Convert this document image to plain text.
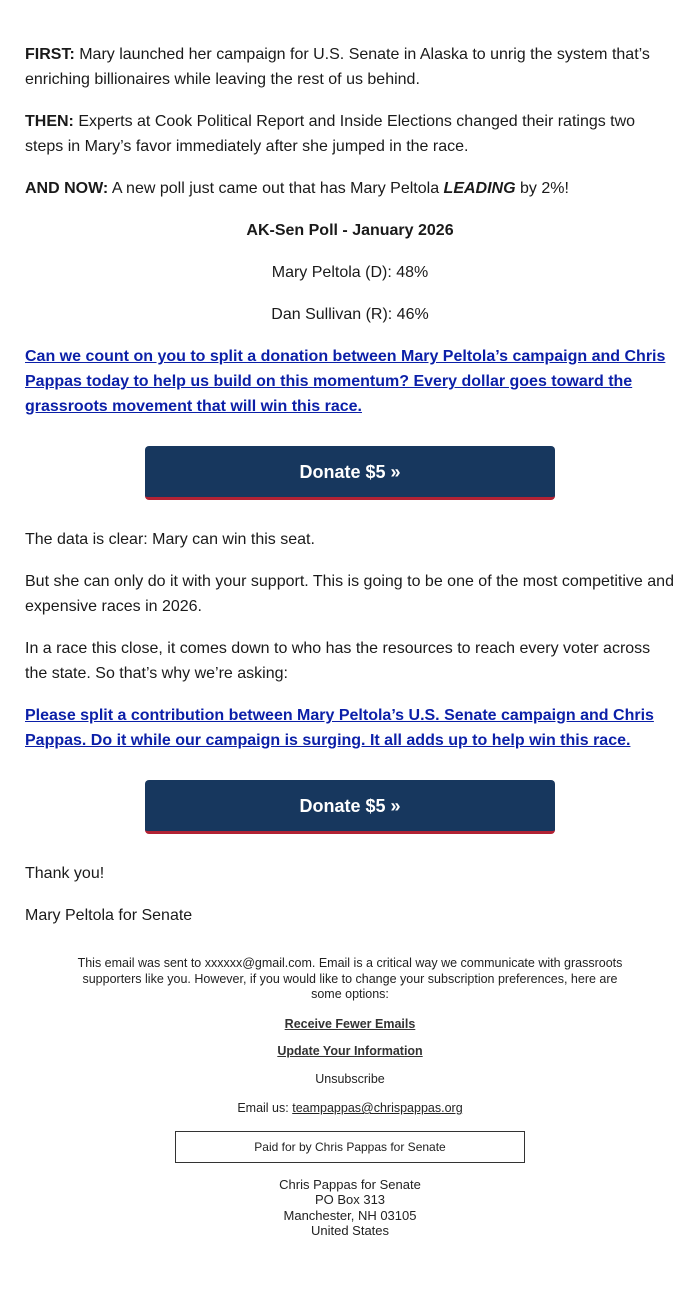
FIRST: Mary launched her campaign for U.S. Senate in Alaska to unrig the system that’s enriching billionaires while leaving the rest of us behind.

THEN: Experts at Cook Political Report and Inside Elections changed their ratings two steps in Mary’s favor immediately after she jumped in the race.

AND NOW: A new poll just came out that has Mary Peltola LEADING by 2%!

AK-Sen Poll - January 2026
Mary Peltola (D): 48%
Dan Sullivan (R): 46%
Can we count on you to split a donation between Mary Peltola’s campaign and Chris Pappas today to help us build on this momentum? Every dollar goes toward the grassroots movement that will win this race.
Donate $5 »

The data is clear: Mary can win this seat.

But she can only do it with your support. This is going to be one of the most competitive and expensive races in 2026.

In a race this close, it comes down to who has the resources to reach every voter across the state. So that’s why we’re asking:

Please split a contribution between Mary Peltola’s U.S. Senate campaign and Chris Pappas. Do it while our campaign is surging. It all adds up to help win this race.
Donate $5 »

Thank you!

Mary Peltola for Senate

This email was sent to xxxxxx@gmail.com. Email is a critical way we communicate with grassroots supporters like you. However, if you would like to change your subscription preferences, here are some options:
Receive Fewer Emails
Update Your Information
Unsubscribe
Email us: teampappas@chrispappas.org
Paid for by Chris Pappas for Senate
Chris Pappas for Senate
PO Box 313
Manchester, NH 03105
United States
